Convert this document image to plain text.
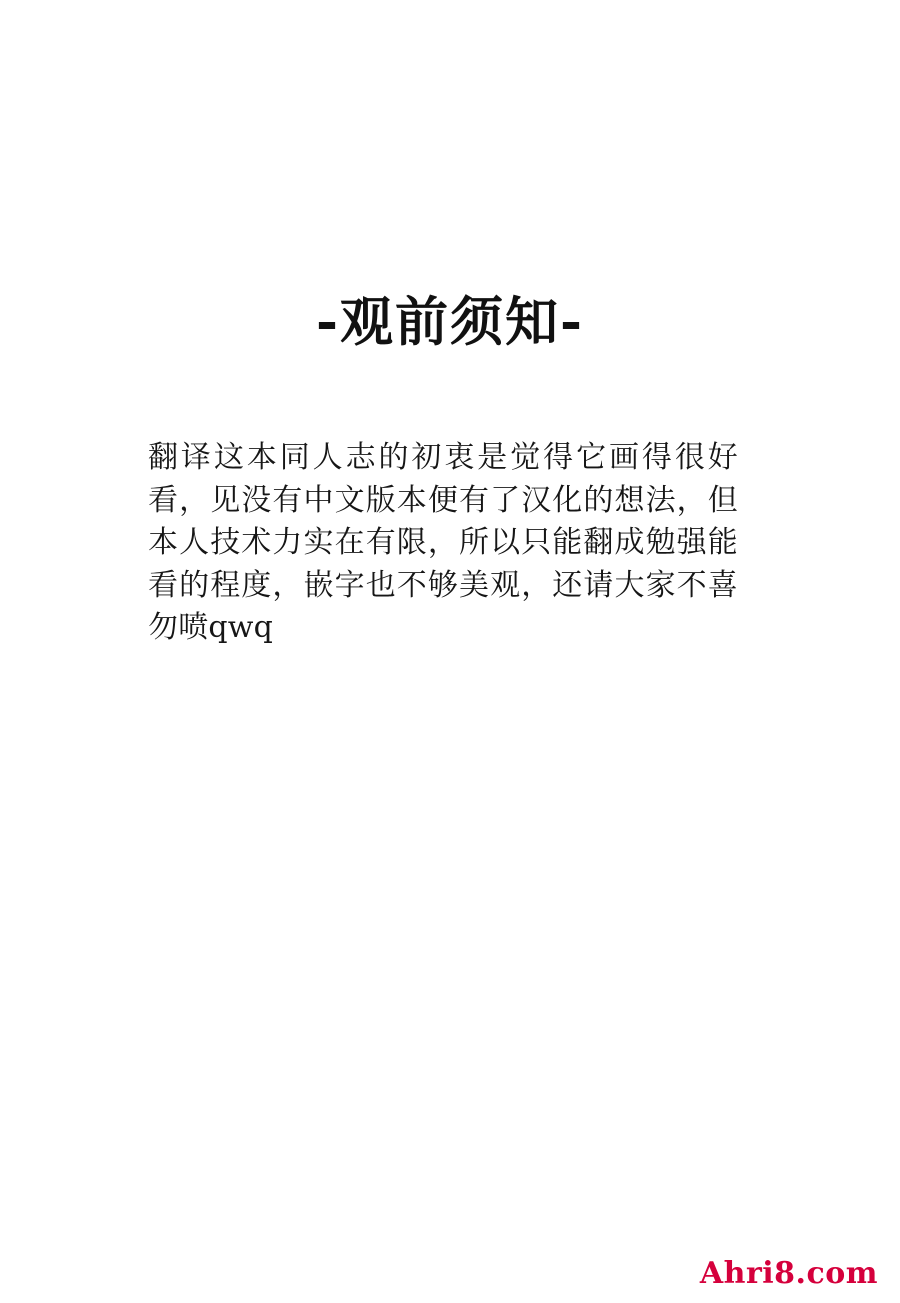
-观前须知-
翻译这本同人志的初衷是觉得它画得很好看，见没有中文版本便有了汉化的想法，但本人技术力实在有限，所以只能翻成勉强能看的程度，嵌字也不够美观，还请大家不喜勿喷qwq
Ahri8.com
